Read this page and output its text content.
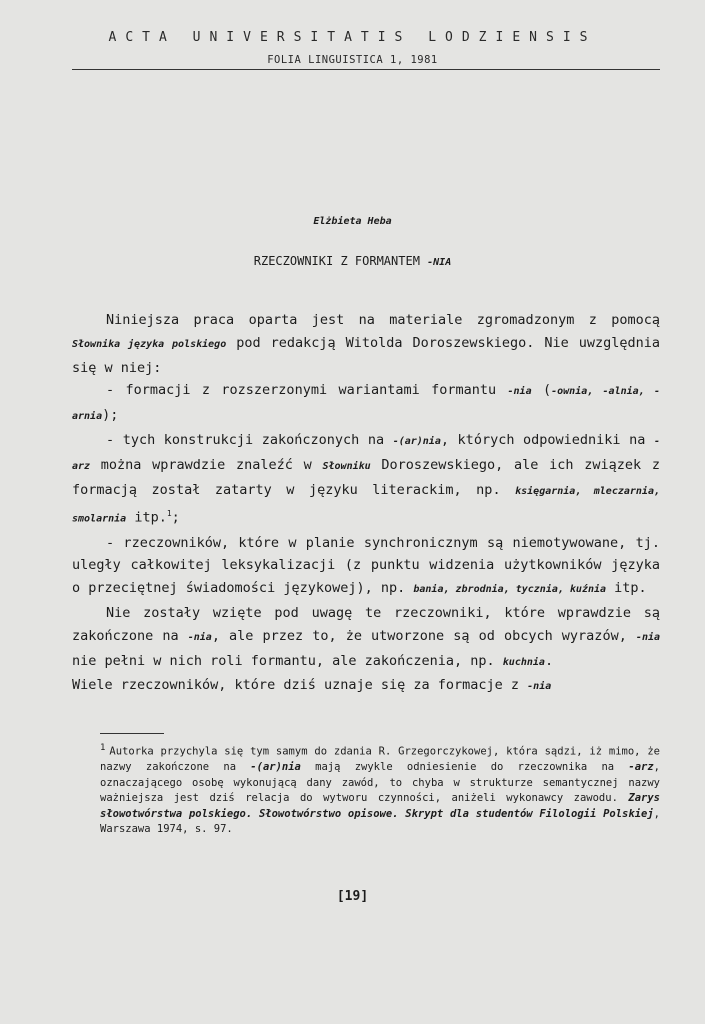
ACTA UNIVERSITATIS LODZIENSIS
FOLIA LINGUISTICA 1, 1981
Elżbieta Heba
RZECZOWNIKI Z FORMANTEM -NIA

Niniejsza praca oparta jest na materiale zgromadzonym z pomocą Słownika języka polskiego pod redakcją Witolda Doroszewskiego. Nie uwzględnia się w niej:

- formacji z rozszerzonymi wariantami formantu -nia (-ownia, -alnia, -arnia);

- tych konstrukcji zakończonych na -(ar)nia, których odpowiedniki na -arz można wprawdzie znaleźć w Słowniku Doroszewskiego, ale ich związek z formacją został zatarty w języku literackim, np. księgarnia, mleczarnia, smolarnia itp.$^1$;

- rzeczowników, które w planie synchronicznym są niemotywowane, tj. uległy całkowitej leksykalizacji (z punktu widzenia użytkowników języka o przeciętnej świadomości językowej), np. bania, zbrodnia, tycznia, kuźnia itp.

Nie zostały wzięte pod uwagę te rzeczowniki, które wprawdzie są zakończone na -nia, ale przez to, że utworzone są od obcych wyrazów, -nia nie pełni w nich roli formantu, ale zakończenia, np. kuchnia.

Wiele rzeczowników, które dziś uznaje się za formacje z -nia

1 Autorka przychyla się tym samym do zdania R. Grzegorczykowej, która sądzi, iż mimo, że nazwy zakończone na -(ar)nia mają zwykle odniesienie do rzeczownika na -arz, oznaczającego osobę wykonującą dany zawód, to chyba w strukturze semantycznej nazwy ważniejsza jest dziś relacja do wytworu czynności, aniżeli wykonawcy zawodu. Zarys słowotwórstwa polskiego. Słowotwórstwo opisowe. Skrypt dla studentów Filologii Polskiej, Warszawa 1974, s. 97.
[19]
